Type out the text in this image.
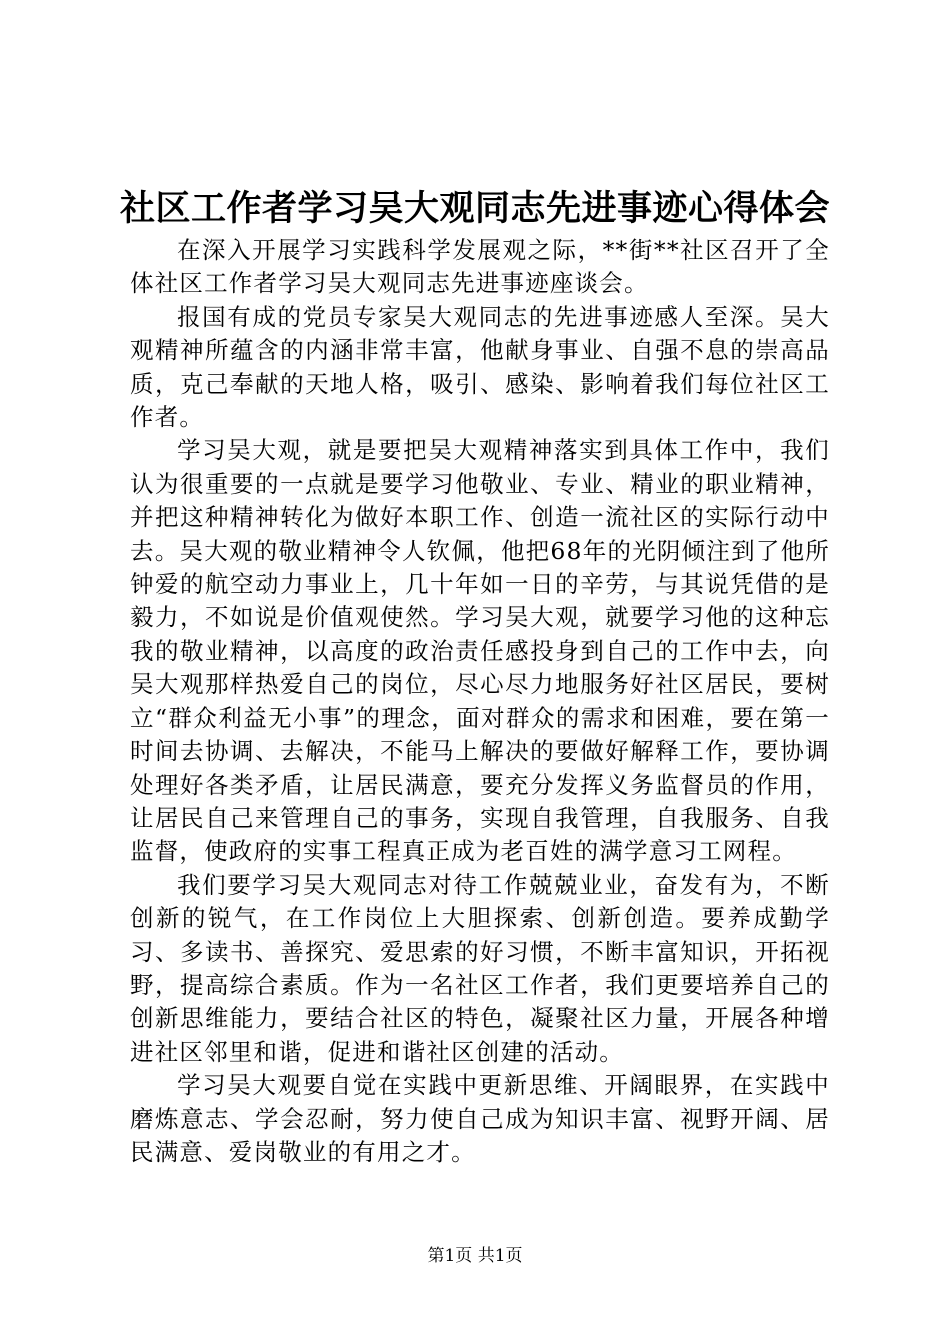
社区工作者学习吴大观同志先进事迹心得体会

在深入开展学习实践科学发展观之际，**街**社区召开了全体社区工作者学习吴大观同志先进事迹座谈会。

报国有成的党员专家吴大观同志的先进事迹感人至深。吴大观精神所蕴含的内涵非常丰富，他献身事业、自强不息的崇高品质，克己奉献的天地人格，吸引、感染、影响着我们每位社区工作者。

学习吴大观，就是要把吴大观精神落实到具体工作中，我们认为很重要的一点就是要学习他敬业、专业、精业的职业精神，并把这种精神转化为做好本职工作、创造一流社区的实际行动中去。吴大观的敬业精神令人钦佩，他把68年的光阴倾注到了他所钟爱的航空动力事业上，几十年如一日的辛劳，与其说凭借的是毅力，不如说是价值观使然。学习吴大观，就要学习他的这种忘我的敬业精神，以高度的政治责任感投身到自己的工作中去，向吴大观那样热爱自己的岗位，尽心尽力地服务好社区居民，要树立“群众利益无小事”的理念，面对群众的需求和困难，要在第一时间去协调、去解决，不能马上解决的要做好解释工作，要协调处理好各类矛盾，让居民满意，要充分发挥义务监督员的作用，让居民自己来管理自己的事务，实现自我管理，自我服务、自我监督，使政府的实事工程真正成为老百姓的满学意习工网程。

我们要学习吴大观同志对待工作兢兢业业，奋发有为，不断创新的锐气，在工作岗位上大胆探索、创新创造。要养成勤学习、多读书、善探究、爱思索的好习惯，不断丰富知识，开拓视野，提高综合素质。作为一名社区工作者，我们更要培养自己的创新思维能力，要结合社区的特色，凝聚社区力量，开展各种增进社区邻里和谐，促进和谐社区创建的活动。

学习吴大观要自觉在实践中更新思维、开阔眼界，在实践中磨炼意志、学会忍耐，努力使自己成为知识丰富、视野开阔、居民满意、爱岗敬业的有用之才。

第1页 共1页
